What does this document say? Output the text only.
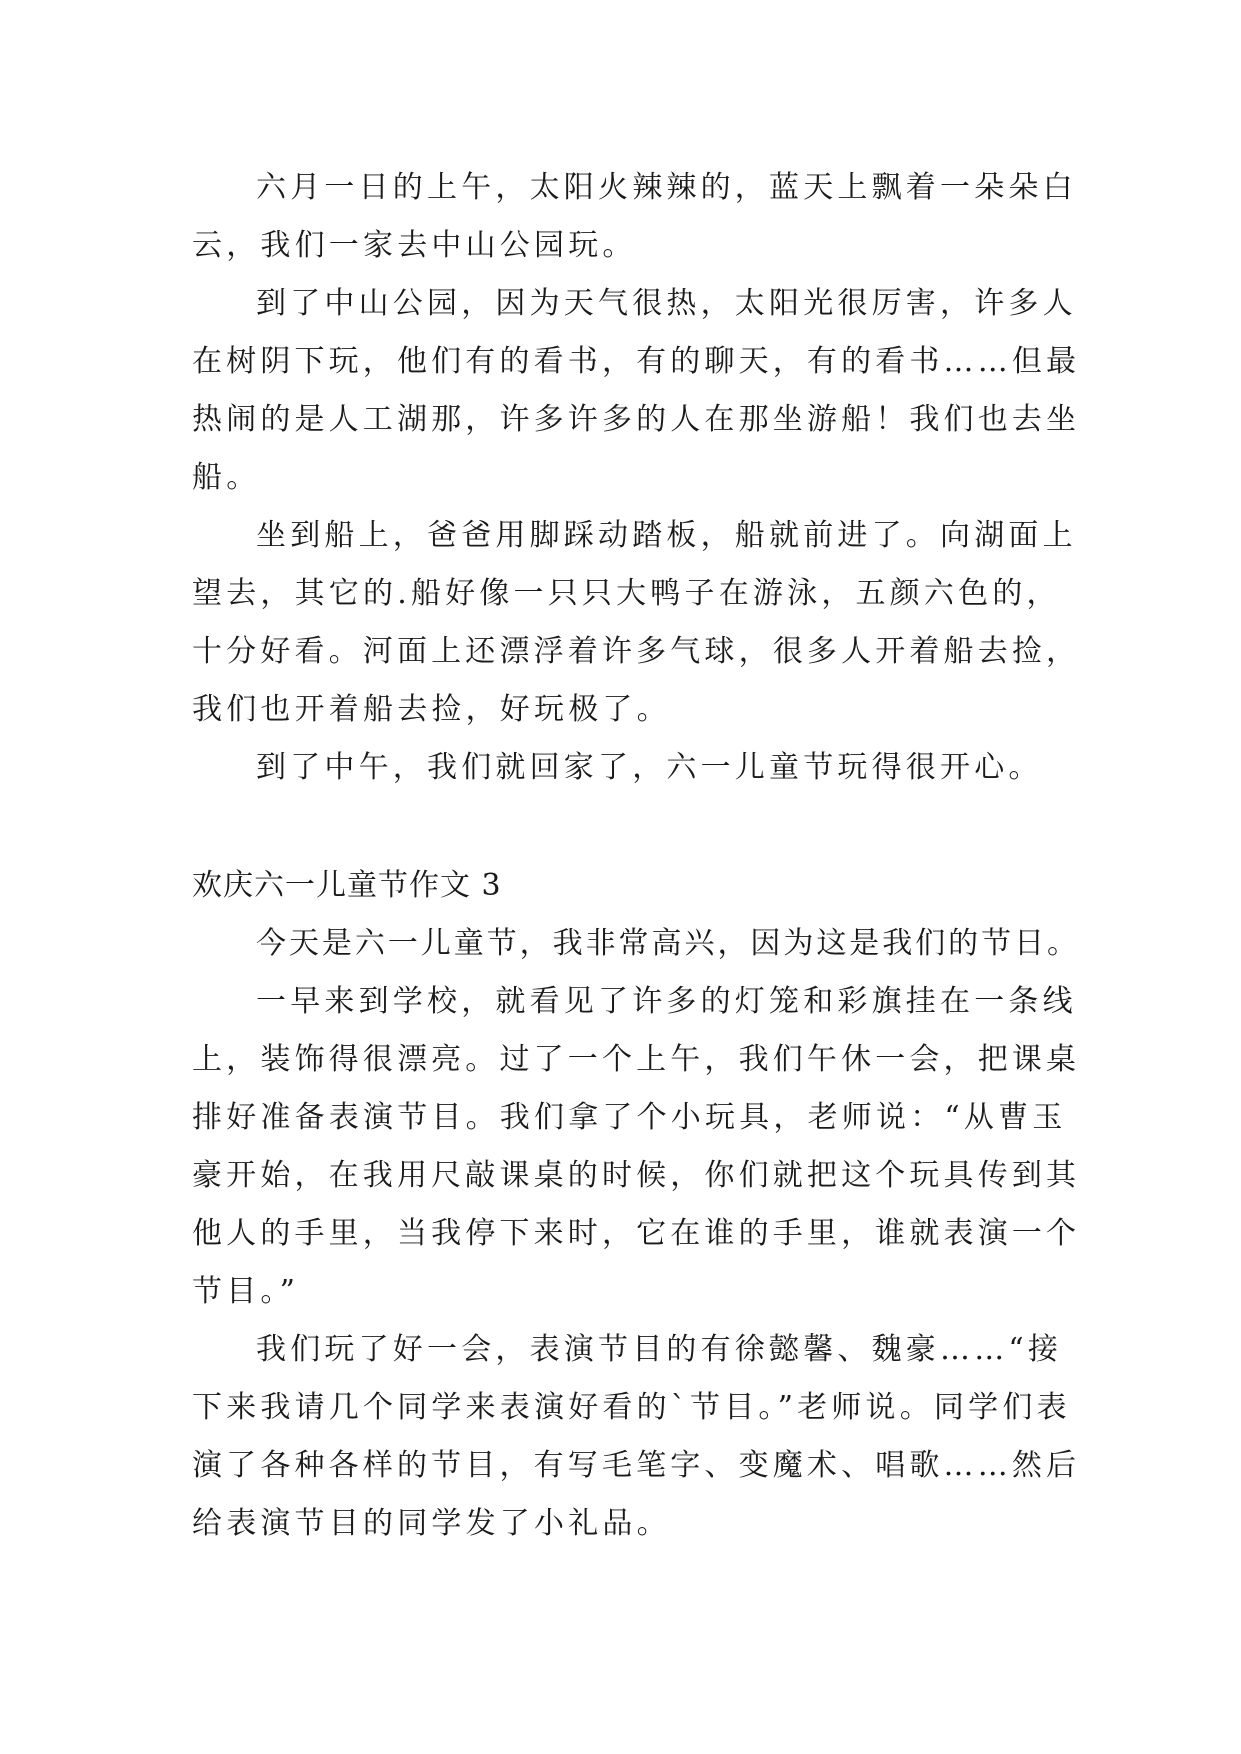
六月一日的上午，太阳火辣辣的，蓝天上飘着一朵朵白
云，我们一家去中山公园玩。
到了中山公园，因为天气很热，太阳光很厉害，许多人
在树阴下玩，他们有的看书，有的聊天，有的看书……但最
热闹的是人工湖那，许多许多的人在那坐游船！我们也去坐
船。
坐到船上，爸爸用脚踩动踏板，船就前进了。向湖面上
望去，其它的.船好像一只只大鸭子在游泳，五颜六色的，
十分好看。河面上还漂浮着许多气球，很多人开着船去捡，
我们也开着船去捡，好玩极了。
到了中午，我们就回家了，六一儿童节玩得很开心。
欢庆六一儿童节作文 3
今天是六一儿童节，我非常高兴，因为这是我们的节日。
一早来到学校，就看见了许多的灯笼和彩旗挂在一条线
上，装饰得很漂亮。过了一个上午，我们午休一会，把课桌
排好准备表演节目。我们拿了个小玩具，老师说：“从曹玉
豪开始，在我用尺敲课桌的时候，你们就把这个玩具传到其
他人的手里，当我停下来时，它在谁的手里，谁就表演一个
节目。”
我们玩了好一会，表演节目的有徐懿馨、魏豪……“接
下来我请几个同学来表演好看的`节目。”老师说。同学们表
演了各种各样的节目，有写毛笔字、变魔术、唱歌……然后
给表演节目的同学发了小礼品。
